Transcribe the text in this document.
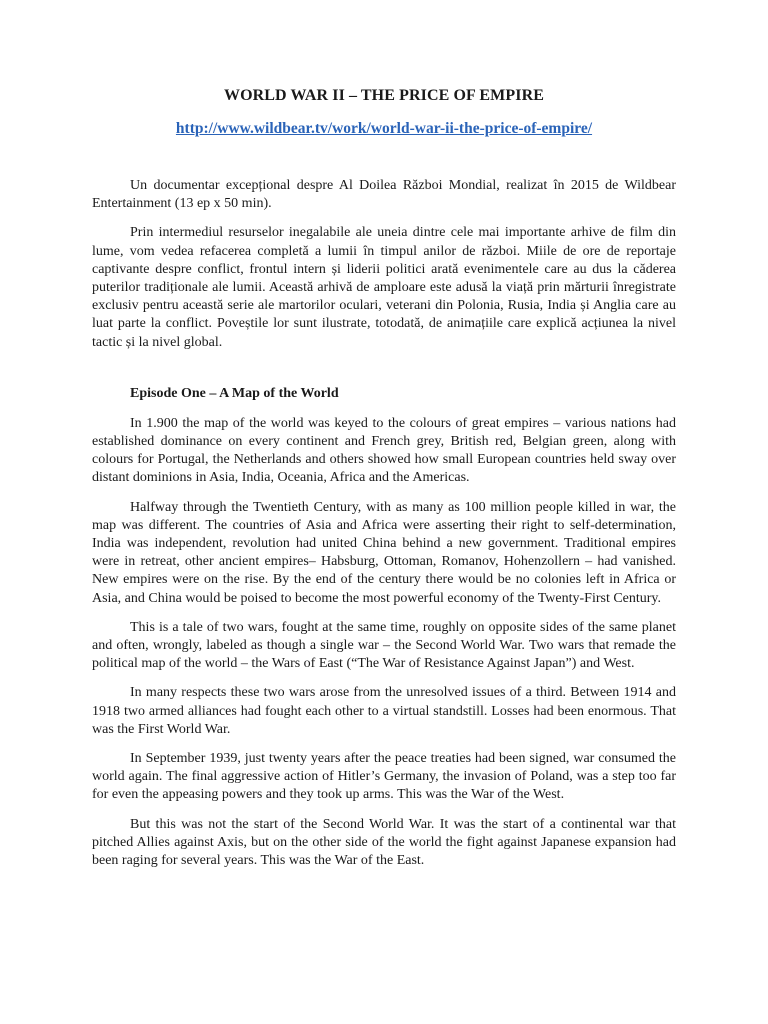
WORLD WAR II – THE PRICE OF EMPIRE
http://www.wildbear.tv/work/world-war-ii-the-price-of-empire/

Un documentar excepțional despre Al Doilea Război Mondial, realizat în 2015 de Wildbear Entertainment (13 ep x 50 min).

Prin intermediul resurselor inegalabile ale uneia dintre cele mai importante arhive de film din lume, vom vedea refacerea completă a lumii în timpul anilor de război. Miile de ore de reportaje captivante despre conflict, frontul intern și liderii politici arată evenimentele care au dus la căderea puterilor tradiționale ale lumii. Această arhivă de amploare este adusă la viață prin mărturii înregistrate exclusiv pentru această serie ale martorilor oculari, veterani din Polonia, Rusia, India și Anglia care au luat parte la conflict. Poveștile lor sunt ilustrate, totodată, de animațiile care explică acțiunea la nivel tactic și la nivel global.

Episode One – A Map of the World

In 1.900 the map of the world was keyed to the colours of great empires – various nations had established dominance on every continent and French grey, British red, Belgian green, along with colours for Portugal, the Netherlands and others showed how small European countries held sway over distant dominions in Asia, India, Oceania, Africa and the Americas.

Halfway through the Twentieth Century, with as many as 100 million people killed in war, the map was different. The countries of Asia and Africa were asserting their right to self-determination, India was independent, revolution had united China behind a new government. Traditional empires were in retreat, other ancient empires– Habsburg, Ottoman, Romanov, Hohenzollern – had vanished. New empires were on the rise. By the end of the century there would be no colonies left in Africa or Asia, and China would be poised to become the most powerful economy of the Twenty-First Century.

This is a tale of two wars, fought at the same time, roughly on opposite sides of the same planet and often, wrongly, labeled as though a single war – the Second World War. Two wars that remade the political map of the world – the Wars of East (“The War of Resistance Against Japan”) and West.

In many respects these two wars arose from the unresolved issues of a third. Between 1914 and 1918 two armed alliances had fought each other to a virtual standstill. Losses had been enormous. That was the First World War.

In September 1939, just twenty years after the peace treaties had been signed, war consumed the world again. The final aggressive action of Hitler’s Germany, the invasion of Poland, was a step too far for even the appeasing powers and they took up arms. This was the War of the West.

But this was not the start of the Second World War. It was the start of a continental war that pitched Allies against Axis, but on the other side of the world the fight against Japanese expansion had been raging for several years. This was the War of the East.
